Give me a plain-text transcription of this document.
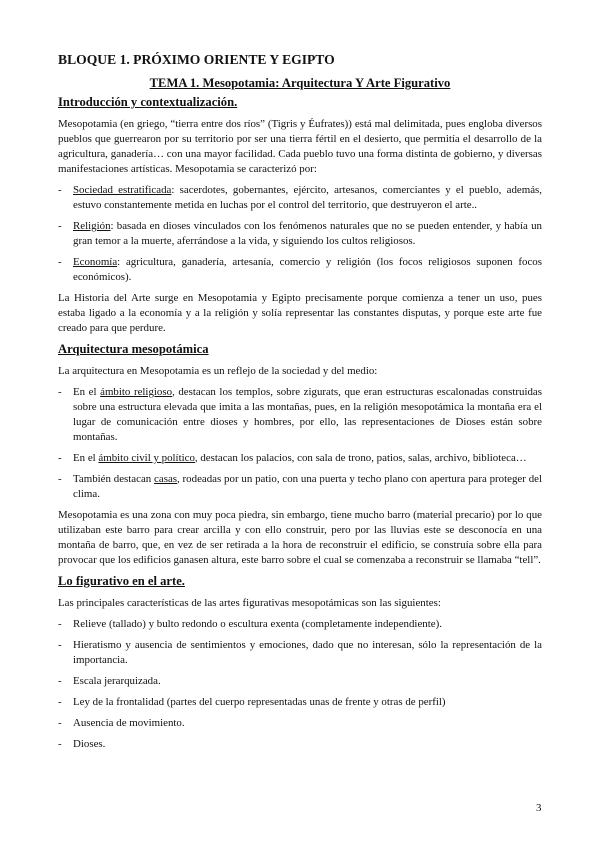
BLOQUE 1. PRÓXIMO ORIENTE Y EGIPTO
TEMA 1. Mesopotamia: Arquitectura Y Arte Figurativo
Introducción y contextualización.

Mesopotamia (en griego, “tierra entre dos ríos” (Tigris y Éufrates)) está mal delimitada, pues engloba diversos pueblos que guerrearon por su territorio por ser una tierra fértil en el desierto, que permitía el desarrollo de la agricultura, ganadería… con una mayor facilidad. Cada pueblo tuvo una forma distinta de gobierno, y diversas manifestaciones artísticas. Mesopotamia se caracterizó por:

- Sociedad estratificada: sacerdotes, gobernantes, ejército, artesanos, comerciantes y el pueblo, además, estuvo constantemente metida en luchas por el control del territorio, que destruyeron el arte..
- Religión: basada en dioses vinculados con los fenómenos naturales que no se pueden entender, y había un gran temor a la muerte, aferrándose a la vida, y siguiendo los cultos religiosos.
- Economía: agricultura, ganadería, artesanía, comercio y religión (los focos religiosos suponen focos económicos).

La Historia del Arte surge en Mesopotamia y Egipto precisamente porque comienza a tener un uso, pues estaba ligado a la economía y a la religión y solía representar las constantes disputas, y porque este arte fue creado para que perdure.

Arquitectura mesopotámica

La arquitectura en Mesopotamia es un reflejo de la sociedad y del medio:

- En el ámbito religioso, destacan los templos, sobre zigurats, que eran estructuras escalonadas construidas sobre una estructura elevada que imita a las montañas, pues, en la religión mesopotámica la montaña era el lugar de comunicación entre dioses y hombres, por ello, las representaciones de Dioses están sobre montañas.
- En el ámbito civil y político, destacan los palacios, con sala de trono, patios, salas, archivo, biblioteca…
- También destacan casas, rodeadas por un patio, con una puerta y techo plano con apertura para proteger del clima.

Mesopotamia es una zona con muy poca piedra, sin embargo, tiene mucho barro (material precario) por lo que utilizaban este barro para crear arcilla y con ello construir, pero por las lluvias este se desconocía en una montaña de barro, que, en vez de ser retirada a la hora de reconstruir el edificio, se construía sobre ella para provocar que los edificios ganasen altura, este barro sobre el cual se comenzaba a reconstruir se llamaba “tell”.

Lo figurativo en el arte.

Las principales características de las artes figurativas mesopotámicas son las siguientes:

- Relieve (tallado) y bulto redondo o escultura exenta (completamente independiente).
- Hieratismo y ausencia de sentimientos y emociones, dado que no interesan, sólo la representación de la importancia.
- Escala jerarquizada.
- Ley de la frontalidad (partes del cuerpo representadas unas de frente y otras de perfil)
- Ausencia de movimiento.
- Dioses.
3
